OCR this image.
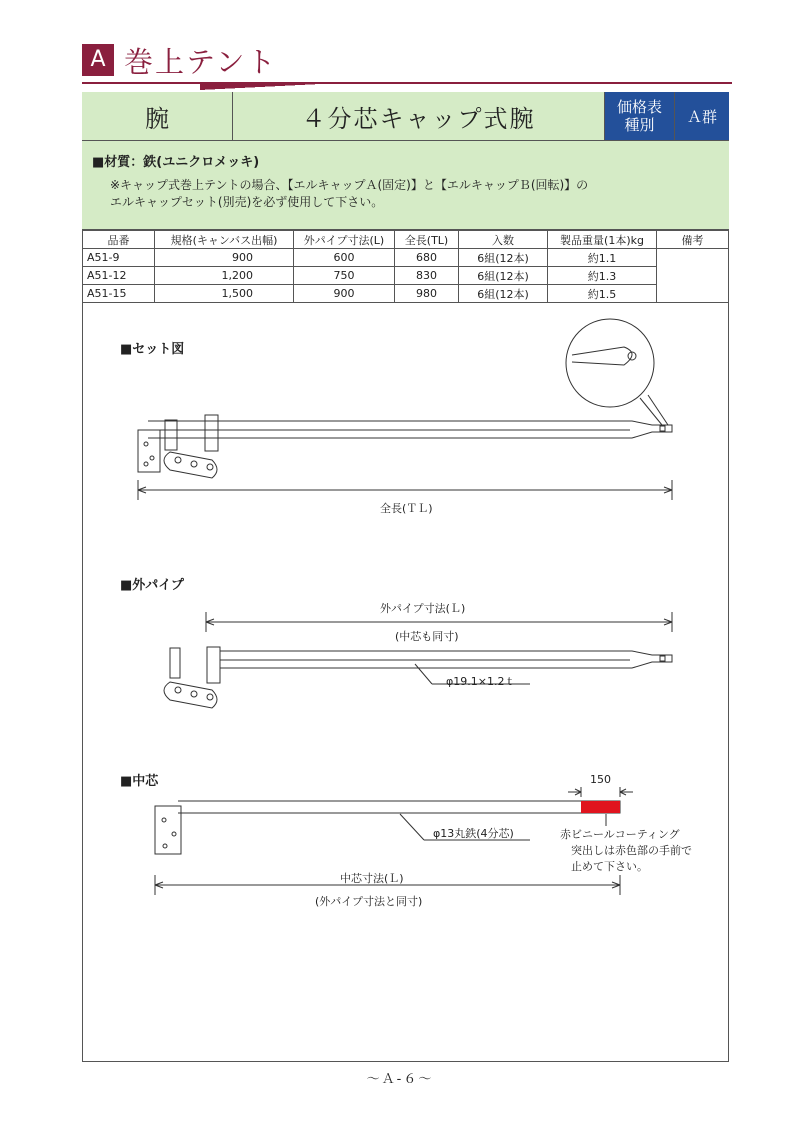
A 巻上テント
腕	４分芯キャップ式腕	価格表
種別	Ａ群
■材質：鉄(ユニクロメッキ)
※キャップ式巻上テントの場合、【エルキャップＡ(固定)】と【エルキャップＢ(回転)】の
エルキャップセット(別売)を必ず使用して下さい。
品番	規格(キャンバス出幅)	外パイプ寸法(L)	全長(TL)	入数	製品重量(1本)kg	備考
A51-9	900	600	680	6組(12本)	約1.1	
A51-12	1,200	750	830	6組(12本)	約1.3	
A51-15	1,500	900	980	6組(12本)	約1.5	
■セット図
全長(ＴＬ)
■外パイプ
外パイプ寸法(Ｌ)
(中芯も同寸)
φ19.1×1.2ｔ
■中芯	150
φ13丸鉄(4分芯)	赤ビニールコーティング
突出しは赤色部の手前で
止めて下さい。
中芯寸法(Ｌ)
(外パイプ寸法と同寸)
～Ａ-６～
